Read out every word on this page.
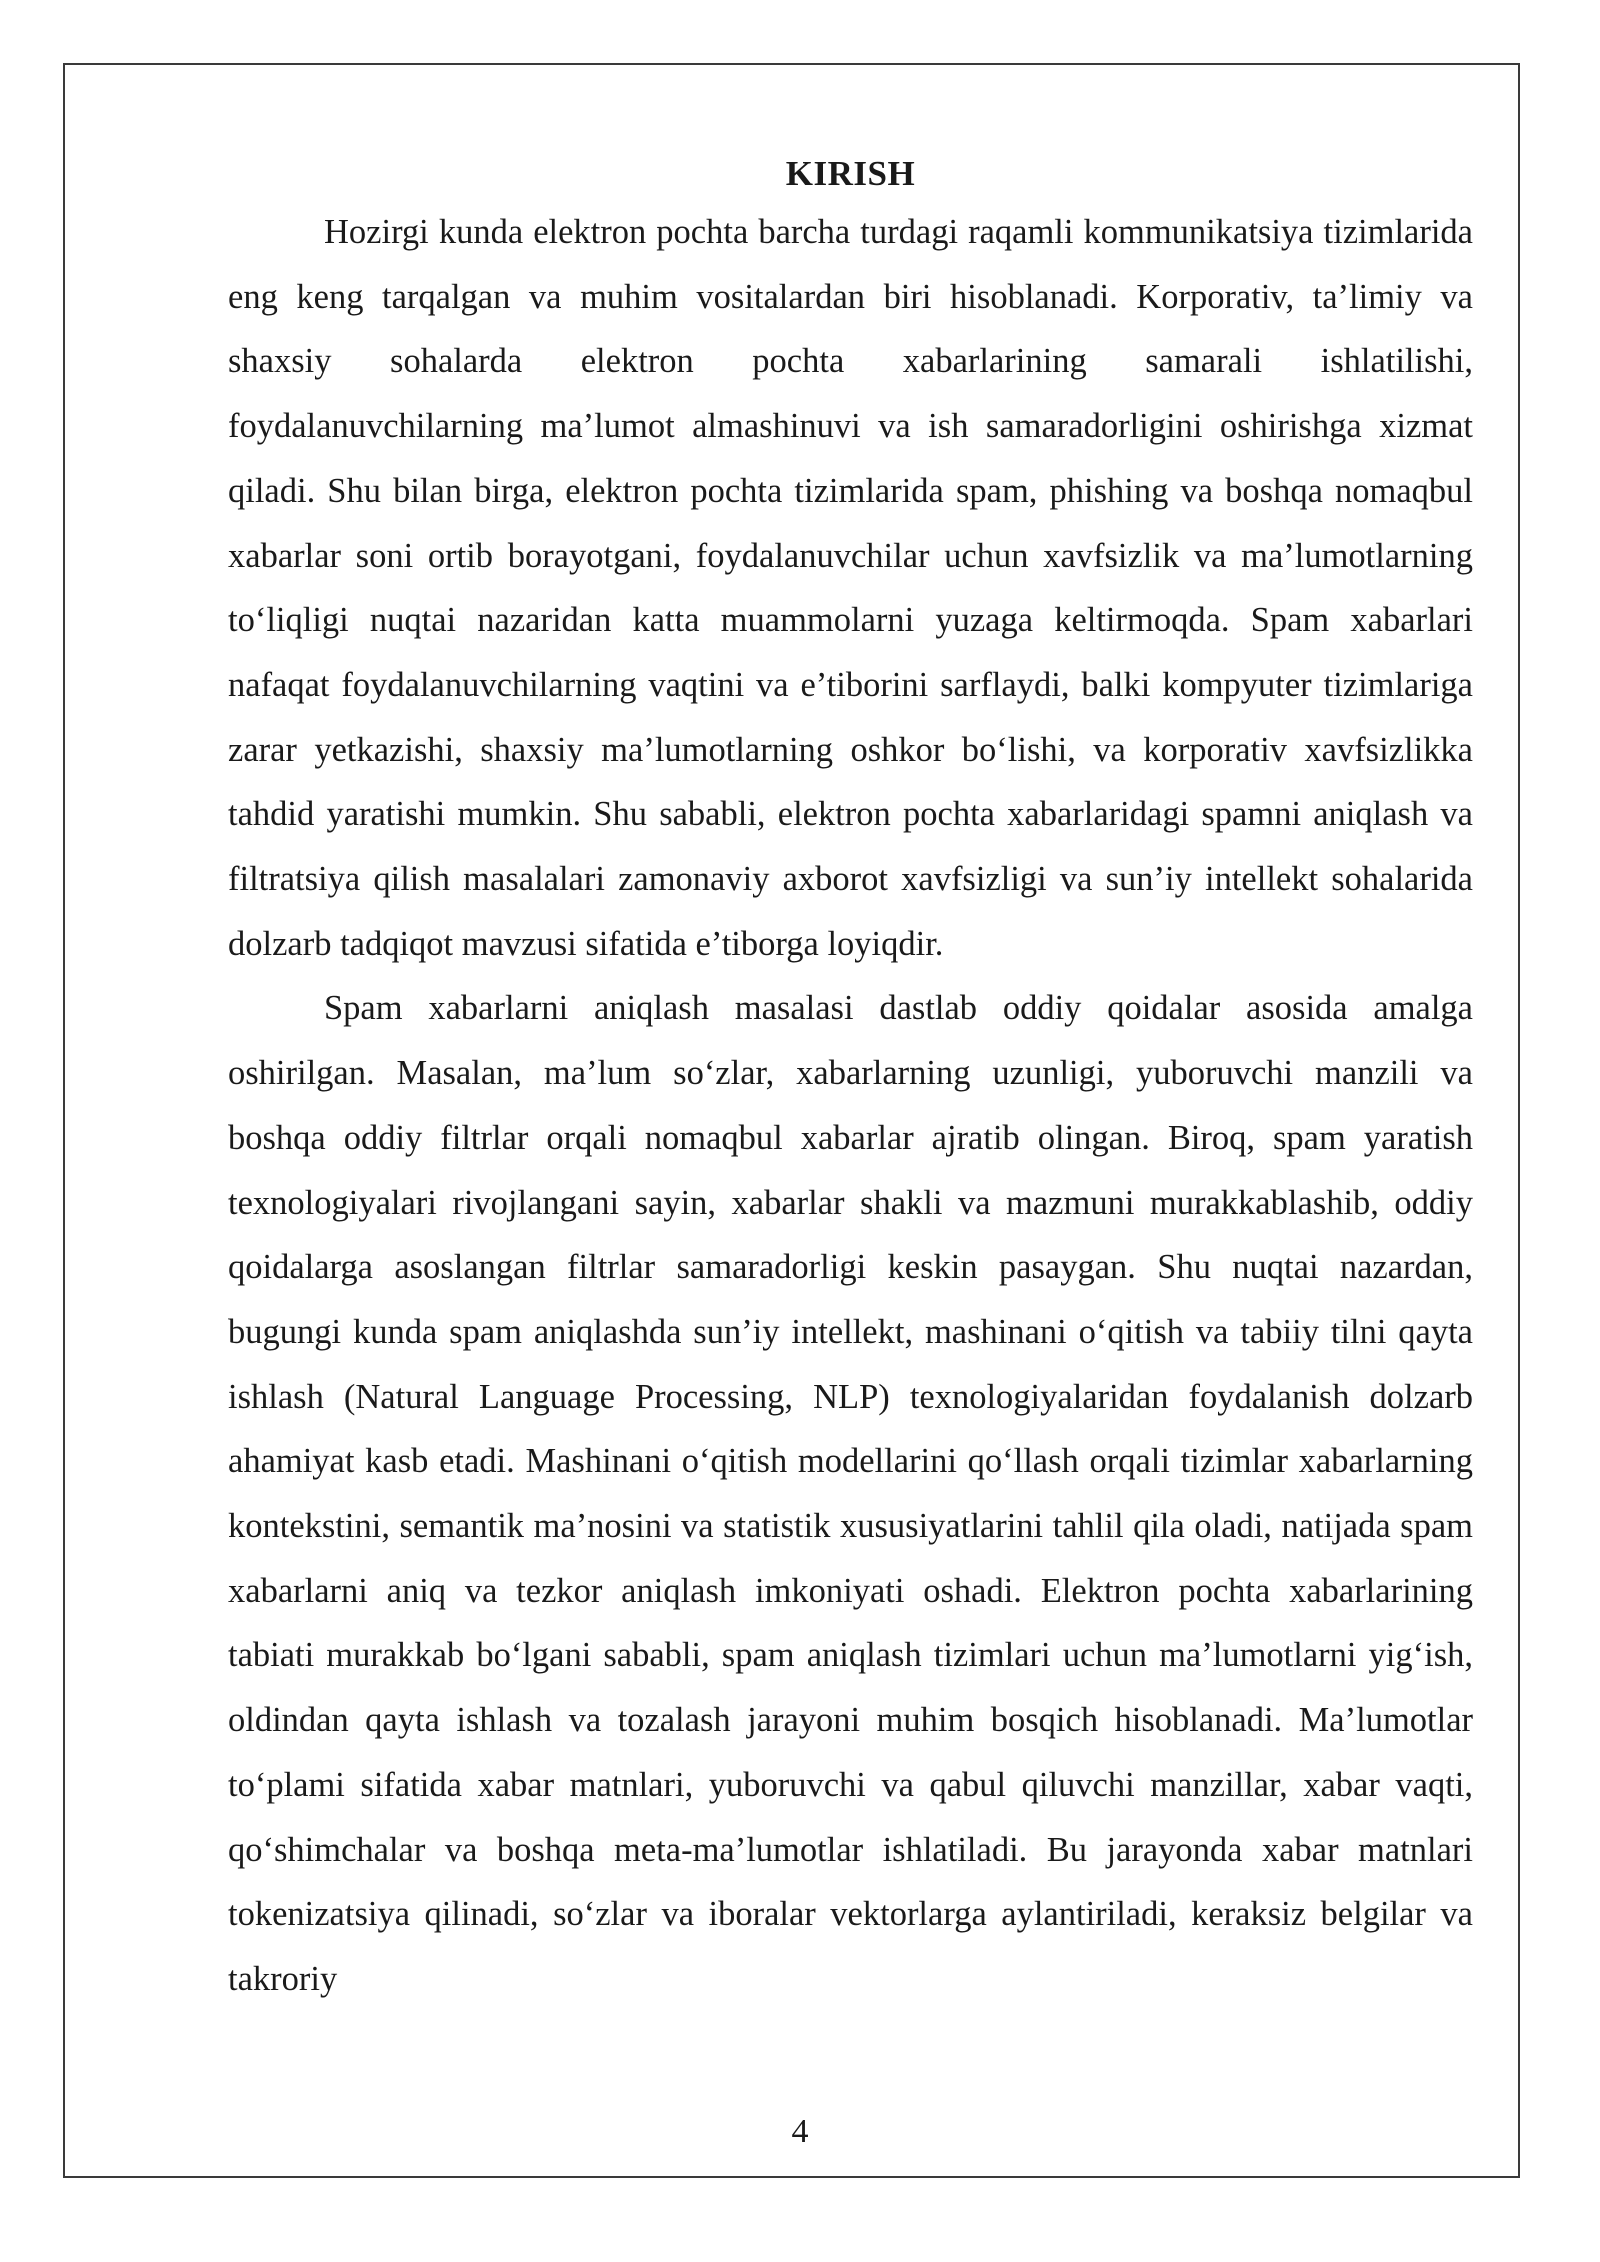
KIRISH

Hozirgi kunda elektron pochta barcha turdagi raqamli kommunikatsiya tizimlarida eng keng tarqalgan va muhim vositalardan biri hisoblanadi. Korporativ, ta’limiy va shaxsiy sohalarda elektron pochta xabarlarining samarali ishlatilishi, foydalanuvchilarning ma’lumot almashinuvi va ish samaradorligini oshirishga xizmat qiladi. Shu bilan birga, elektron pochta tizimlarida spam, phishing va boshqa nomaqbul xabarlar soni ortib borayotgani, foydalanuvchilar uchun xavfsizlik va ma’lumotlarning to‘liqligi nuqtai nazaridan katta muammolarni yuzaga keltirmoqda. Spam xabarlari nafaqat foydalanuvchilarning vaqtini va e’tiborini sarflaydi, balki kompyuter tizimlariga zarar yetkazishi, shaxsiy ma’lumotlarning oshkor bo‘lishi, va korporativ xavfsizlikka tahdid yaratishi mumkin. Shu sababli, elektron pochta xabarlaridagi spamni aniqlash va filtratsiya qilish masalalari zamonaviy axborot xavfsizligi va sun’iy intellekt sohalarida dolzarb tadqiqot mavzusi sifatida e’tiborga loyiqdir.

Spam xabarlarni aniqlash masalasi dastlab oddiy qoidalar asosida amalga oshirilgan. Masalan, ma’lum so‘zlar, xabarlarning uzunligi, yuboruvchi manzili va boshqa oddiy filtrlar orqali nomaqbul xabarlar ajratib olingan. Biroq, spam yaratish texnologiyalari rivojlangani sayin, xabarlar shakli va mazmuni murakkablashib, oddiy qoidalarga asoslangan filtrlar samaradorligi keskin pasaygan. Shu nuqtai nazardan, bugungi kunda spam aniqlashda sun’iy intellekt, mashinani o‘qitish va tabiiy tilni qayta ishlash (Natural Language Processing, NLP) texnologiyalaridan foydalanish dolzarb ahamiyat kasb etadi. Mashinani o‘qitish modellarini qo‘llash orqali tizimlar xabarlarning kontekstini, semantik ma’nosini va statistik xususiyatlarini tahlil qila oladi, natijada spam xabarlarni aniq va tezkor aniqlash imkoniyati oshadi. Elektron pochta xabarlarining tabiati murakkab bo‘lgani sababli, spam aniqlash tizimlari uchun ma’lumotlarni yig‘ish, oldindan qayta ishlash va tozalash jarayoni muhim bosqich hisoblanadi. Ma’lumotlar to‘plami sifatida xabar matnlari, yuboruvchi va qabul qiluvchi manzillar, xabar vaqti, qo‘shimchalar va boshqa meta-ma’lumotlar ishlatiladi. Bu jarayonda xabar matnlari tokenizatsiya qilinadi, so‘zlar va iboralar vektorlarga aylantiriladi, keraksiz belgilar va takroriy

4
